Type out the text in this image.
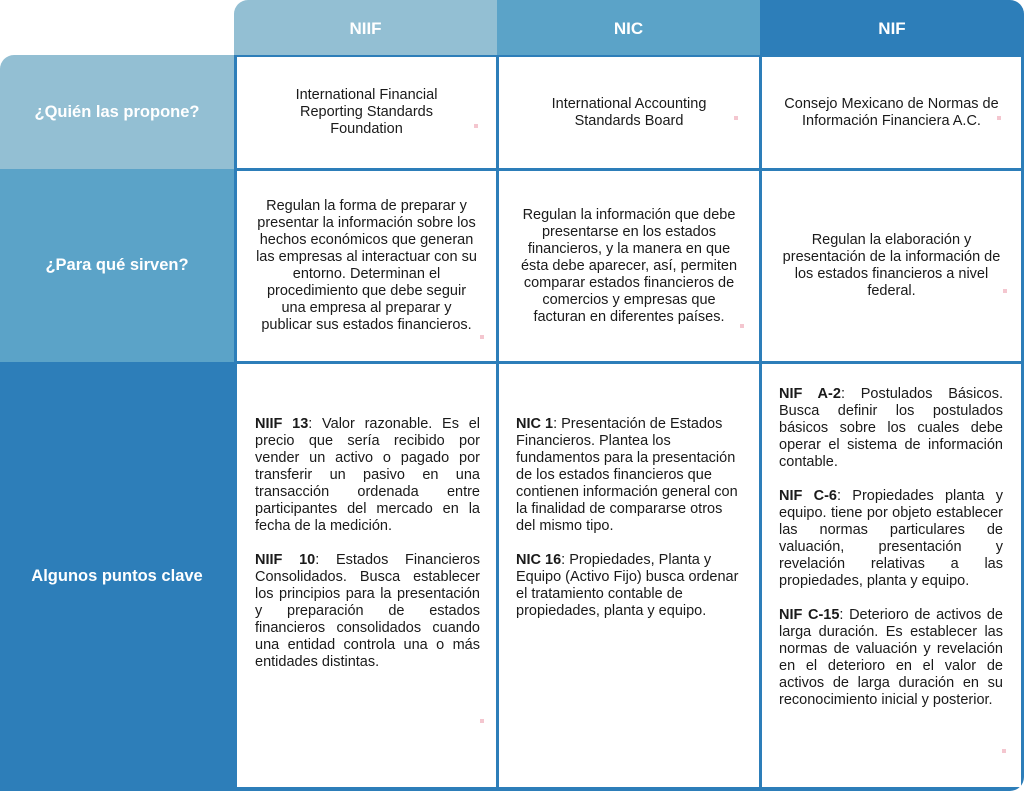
NIIF	NIC	NIF
¿Quién las propone?
¿Para qué sirven?
Algunos puntos clave
International Financial Reporting Standards Foundation
International Accounting Standards Board
Consejo Mexicano de Normas de Información Financiera A.C.
Regulan la forma de preparar y presentar la información sobre los hechos económicos que generan las empresas al interactuar con su entorno. Determinan el procedimiento que debe seguir una empresa al preparar y publicar sus estados financieros.
Regulan la información que debe presentarse en los estados financieros, y la manera en que ésta debe aparecer, así, permiten comparar estados financieros de comercios y empresas que facturan en diferentes países.
Regulan la elaboración y presentación de la información de los estados financieros a nivel federal.

NIIF 13: Valor razonable. Es el precio que sería recibido por vender un activo o pagado por transferir un pasivo en una transacción ordenada entre participantes del mercado en la fecha de la medición.

NIIF 10: Estados Financieros Consolidados. Busca establecer los principios para la presentación y preparación de estados financieros consolidados cuando una entidad controla una o más entidades distintas.

NIC 1: Presentación de Estados Financieros. Plantea los fundamentos para la presentación de los estados financieros que contienen información general con la finalidad de compararse otros del mismo tipo.

NIC 16: Propiedades, Planta y Equipo (Activo Fijo) busca ordenar el tratamiento contable de propiedades, planta y equipo.

NIF A-2: Postulados Básicos. Busca definir los postulados básicos sobre los cuales debe operar el sistema de información contable.

NIF C-6: Propiedades planta y equipo. tiene por objeto establecer las normas particulares de valuación, presentación y revelación relativas a las propiedades, planta y equipo.

NIF C-15: Deterioro de activos de larga duración. Es establecer las normas de valuación y revelación en el deterioro en el valor de activos de larga duración en su reconocimiento inicial y posterior.
